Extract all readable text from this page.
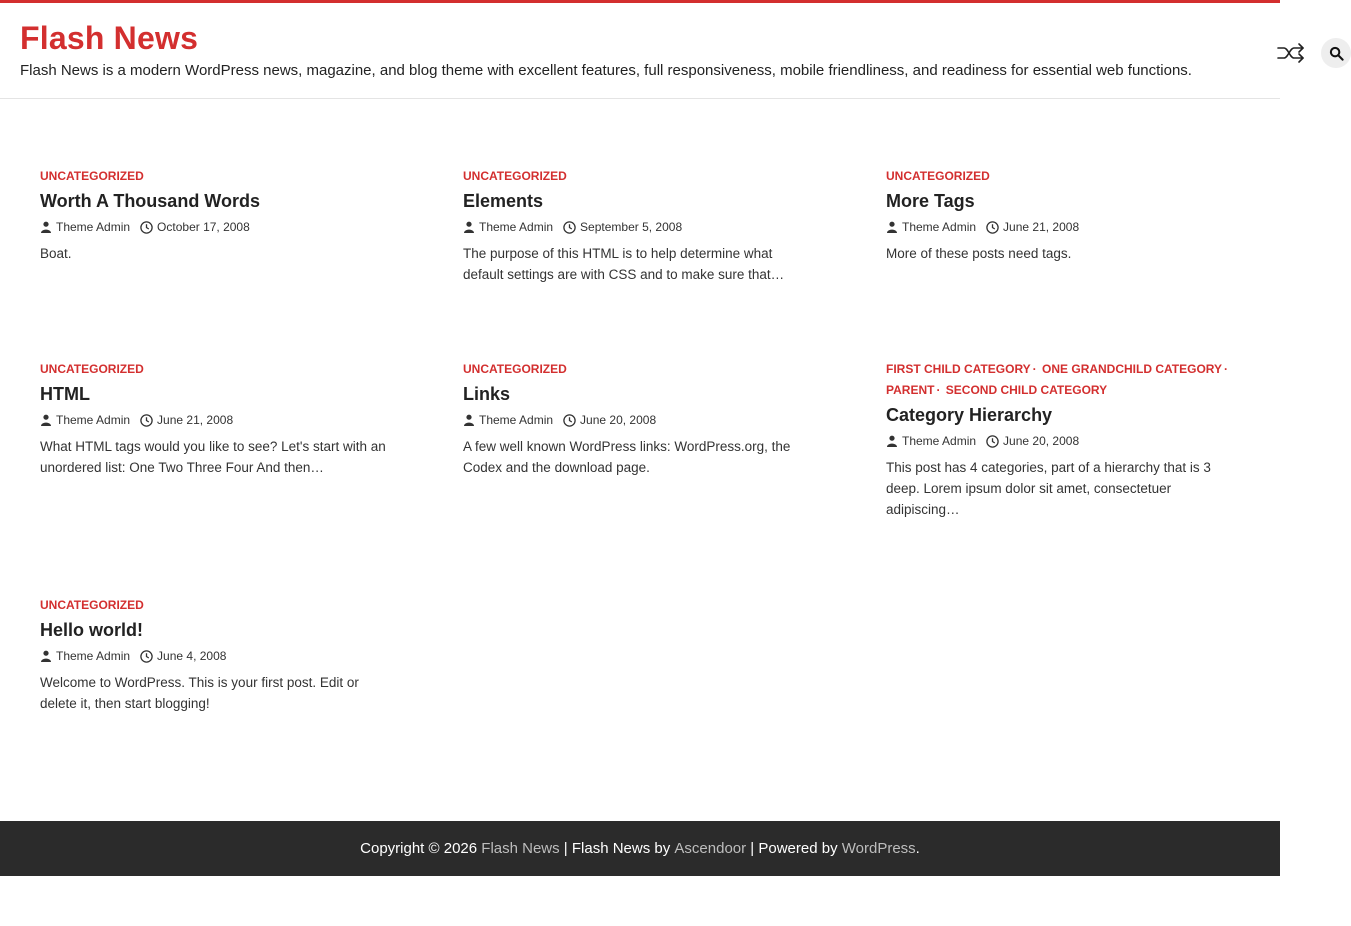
Flash News
Flash News is a modern WordPress news, magazine, and blog theme with excellent features, full responsiveness, mobile friendliness, and readiness for essential web functions.
UNCATEGORIZED
Worth A Thousand Words
Theme Admin October 17, 2008
Boat.
UNCATEGORIZED
Elements
Theme Admin September 5, 2008
The purpose of this HTML is to help determine what default settings are with CSS and to make sure that…
UNCATEGORIZED
More Tags
Theme Admin June 21, 2008
More of these posts need tags.
UNCATEGORIZED
HTML
Theme Admin June 21, 2008
What HTML tags would you like to see? Let's start with an unordered list: One Two Three Four And then…
UNCATEGORIZED
Links
Theme Admin June 20, 2008
A few well known WordPress links: WordPress.org, the Codex and the download page.
FIRST CHILD CATEGORY · ONE GRANDCHILD CATEGORY ·
PARENT · SECOND CHILD CATEGORY
Category Hierarchy
Theme Admin June 20, 2008
This post has 4 categories, part of a hierarchy that is 3 deep. Lorem ipsum dolor sit amet, consectetuer adipiscing…
UNCATEGORIZED
Hello world!
Theme Admin June 4, 2008
Welcome to WordPress. This is your first post. Edit or delete it, then start blogging!
Copyright © 2026 Flash News | Flash News by Ascendoor | Powered by WordPress .
